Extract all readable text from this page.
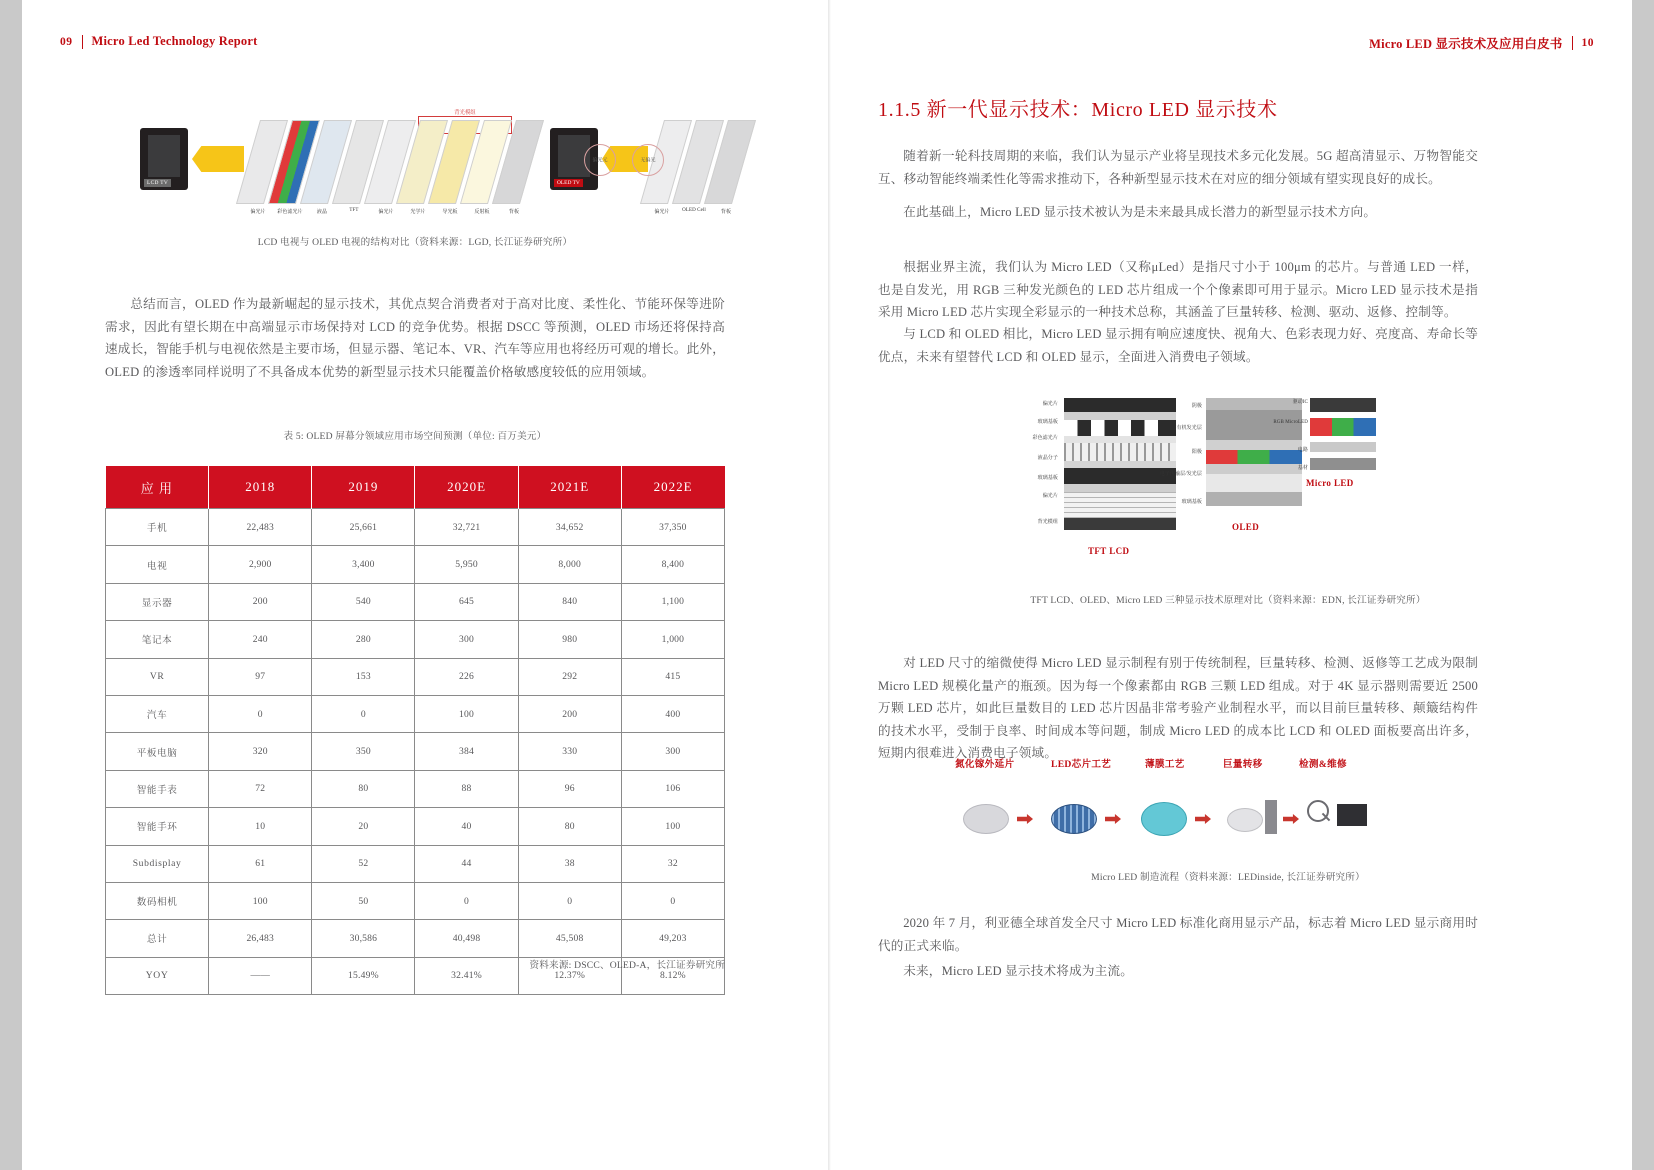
09 Micro Led Technology Report
LCD TV
背光模组
偏光片	彩色滤光片	液晶	TFT	偏光片	光学片	导光板	反射板	背板
OLED TV
偏光片	OLED Cell	背板
偏光元	无偏光
LCD 电视与 OLED 电视的结构对比（资料来源：LGD, 长江证券研究所）
总结而言，OLED 作为最新崛起的显示技术，其优点契合消费者对于高对比度、柔性化、节能环保等进阶需求，因此有望长期在中高端显示市场保持对 LCD 的竞争优势。根据 DSCC 等预测，OLED 市场还将保持高速成长，智能手机与电视依然是主要市场，但显示器、笔记本、VR、汽车等应用也将经历可观的增长。此外，OLED 的渗透率同样说明了不具备成本优势的新型显示技术只能覆盖价格敏感度较低的应用领域。
表 5: OLED 屏幕分领域应用市场空间预测（单位: 百万美元）
应 用	2018	2019	2020E	2021E	2022E
手机	22,483	25,661	32,721	34,652	37,350
电视	2,900	3,400	5,950	8,000	8,400
显示器	200	540	645	840	1,100
笔记本	240	280	300	980	1,000
VR	97	153	226	292	415
汽车	0	0	100	200	400
平板电脑	320	350	384	330	300
智能手表	72	80	88	96	106
智能手环	10	20	40	80	100
Subdisplay	61	52	44	38	32
数码相机	100	50	0	0	0
总计	26,483	30,586	40,498	45,508	49,203
YOY	——	15.49%	32.41%	12.37%	8.12%
资料来源: DSCC、OLED-A，长江证券研究所
Micro LED 显示技术及应用白皮书 10
1.1.5 新一代显示技术：Micro LED 显示技术
随着新一轮科技周期的来临，我们认为显示产业将呈现技术多元化发展。5G 超高清显示、万物智能交互、移动智能终端柔性化等需求推动下，各种新型显示技术在对应的细分领域有望实现良好的成长。
在此基础上，Micro LED 显示技术被认为是未来最具成长潜力的新型显示技术方向。
根据业界主流，我们认为 Micro LED（又称μLed）是指尺寸小于 100μm 的芯片。与普通 LED 一样，也是自发光，用 RGB 三种发光颜色的 LED 芯片组成一个个像素即可用于显示。Micro LED 显示技术是指采用 Micro LED 芯片实现全彩显示的一种技术总称，其涵盖了巨量转移、检测、驱动、返修、控制等。
与 LCD 和 OLED 相比，Micro LED 显示拥有响应速度快、视角大、色彩表现力好、亮度高、寿命长等优点，未来有望替代 LCD 和 OLED 显示，全面进入消费电子领域。
TFT LCD
偏光片
玻璃基板
彩色滤光片
液晶分子
玻璃基板
偏光片
背光模组	OLED
阴极
有机发光层
阳极
电子传输层/发光层
玻璃基板
Micro LED
驱动IC
RGB MicroLED
电路
基材
TFT LCD、OLED、Micro LED 三种显示技术原理对比（资料来源：EDN, 长江证券研究所）
对 LED 尺寸的缩微使得 Micro LED 显示制程有别于传统制程，巨量转移、检测、返修等工艺成为限制 Micro LED 规模化量产的瓶颈。因为每一个像素都由 RGB 三颗 LED 组成。对于 4K 显示器则需要近 2500 万颗 LED 芯片，如此巨量数目的 LED 芯片因晶非常考验产业制程水平，而以目前巨量转移、颠簸结构件的技术水平，受制于良率、时间成本等问题，制成 Micro LED 的成本比 LCD 和 OLED 面板要高出许多，短期内很难进入消费电子领域。
氮化镓外延片	LED芯片工艺	薄膜工艺	巨量转移	检测&维修
Micro LED 制造流程（资料来源：LEDinside, 长江证券研究所）
2020 年 7 月，利亚德全球首发全尺寸 Micro LED 标准化商用显示产品，标志着 Micro LED 显示商用时代的正式来临。
未来，Micro LED 显示技术将成为主流。
